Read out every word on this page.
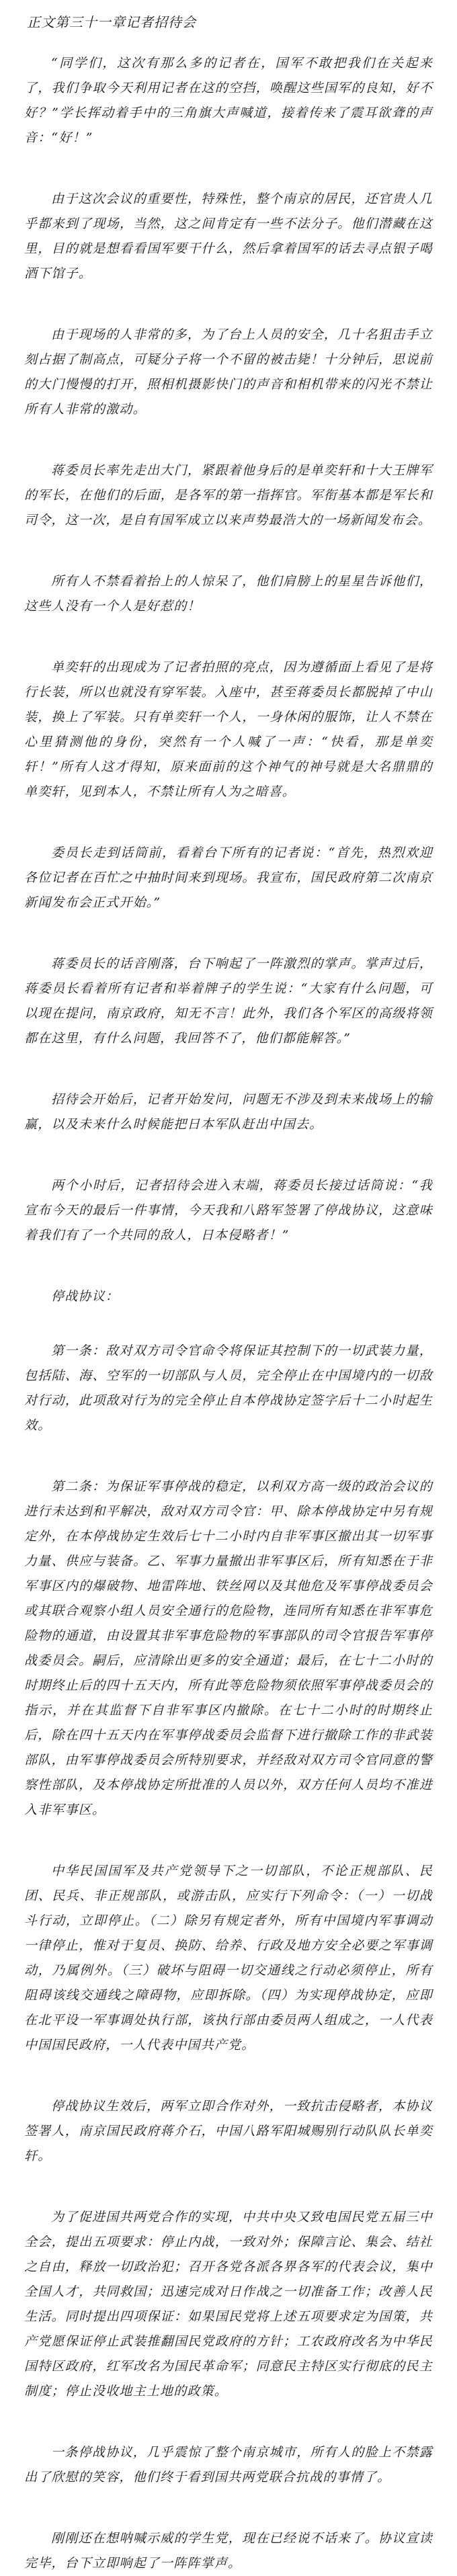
正文第三十一章记者招待会

“同学们，这次有那么多的记者在，国军不敢把我们在关起来了，我们争取今天利用记者在这的空挡，唤醒这些国军的良知，好不好？”学长挥动着手中的三角旗大声喊道，接着传来了震耳欲聋的声音：“好！”

由于这次会议的重要性，特殊性，整个南京的居民，还官贵人几乎都来到了现场，当然，这之间肯定有一些不法分子。他们潜藏在这里，目的就是想看看国军要干什么，然后拿着国军的话去寻点银子喝酒下馆子。

由于现场的人非常的多，为了台上人员的安全，几十名狙击手立刻占据了制高点，可疑分子将一个不留的被击毙！十分钟后，思说前的大门慢慢的打开，照相机摄影快门的声音和相机带来的闪光不禁让所有人非常的激动。

蒋委员长率先走出大门，紧跟着他身后的是单奕轩和十大王牌军的军长，在他们的后面，是各军的第一指挥官。军衔基本都是军长和司令，这一次，是自有国军成立以来声势最浩大的一场新闻发布会。

所有人不禁看着抬上的人惊呆了，他们肩膀上的星星告诉他们，这些人没有一个人是好惹的！

单奕轩的出现成为了记者拍照的亮点，因为遵循面上看见了是将行长装，所以也就没有穿军装。入座中，甚至蒋委员长都脱掉了中山装，换上了军装。只有单奕轩一个人，一身休闲的服饰，让人不禁在心里猜测他的身份，突然有一个人喊了一声：“快看，那是单奕轩！”所有人这才得知，原来面前的这个神气的神号就是大名鼎鼎的单奕轩，见到本人，不禁让所有人为之暗喜。

委员长走到话筒前，看着台下所有的记者说：“首先，热烈欢迎各位记者在百忙之中抽时间来到现场。我宣布，国民政府第二次南京新闻发布会正式开始。”

蒋委员长的话音刚落，台下响起了一阵激烈的掌声。掌声过后，蒋委员长看着所有记者和举着牌子的学生说：“大家有什么问题，可以现在提问，南京政府，知无不言！此外，我们各个军区的高级将领都在这里，有什么问题，我回答不了，他们都能解答。”

招待会开始后，记者开始发问，问题无不涉及到未来战场上的输赢，以及未来什么时候能把日本军队赶出中国去。

两个小时后，记者招待会进入末端，蒋委员长接过话筒说：“我宣布今天的最后一件事情，今天我和八路军签署了停战协议，这意味着我们有了一个共同的敌人，日本侵略者！”

停战协议：

第一条：敌对双方司令官命令将保证其控制下的一切武装力量，包括陆、海、空军的一切部队与人员，完全停止在中国境内的一切敌对行动，此项敌对行为的完全停止自本停战协定签字后十二小时起生效。

第二条：为保证军事停战的稳定，以利双方高一级的政治会议的进行未达到和平解决，敌对双方司令官：甲、除本停战协定中另有规定外，在本停战协定生效后七十二小时内自非军事区撤出其一切军事力量、供应与装备。乙、军事力量撤出非军事区后，所有知悉在于非军事区内的爆破物、地雷阵地、铁丝网以及其他危及军事停战委员会或其联合观察小组人员安全通行的危险物，连同所有知悉在非军事危险物的通道，由设置其非军事危险物的军事部队的司令官报告军事停战委员会。嗣后，应清除出更多的安全通道；最后，在七十二小时的时期终止后的四十五天内，所有此等危险物须依照军事停战委员会的指示，并在其监督下自非军事区内撤除。在七十二小时的时期终止后，除在四十五天内在军事停战委员会监督下进行撤除工作的非武装部队，由军事停战委员会所特别要求，并经敌对双方司令官同意的警察性部队，及本停战协定所批准的人员以外，双方任何人员均不准进入非军事区。

中华民国国军及共产党领导下之一切部队，不论正规部队、民团、民兵、非正规部队，或游击队，应实行下列命令：（一）一切战斗行动，立即停止。（二）除另有规定者外，所有中国境内军事调动一律停止，惟对于复员、换防、给养、行政及地方安全必要之军事调动，乃属例外。（三）破坏与阻碍一切交通线之行动必须停止，所有阻碍该线交通线之障碍物，应即拆除。（四）为实现停战协定，应即在北平设一军事调处执行部，该执行部由委员两人组成之，一人代表中国国民政府，一人代表中国共产党。

停战协议生效后，两军立即合作对外，一致抗击侵略者，本协议签署人，南京国民政府蒋介石，中国八路军阳城赐别行动队队长单奕轩。

为了促进国共两党合作的实现，中共中央又致电国民党五届三中全会，提出五项要求：停止内战，一致对外；保障言论、集会、结社之自由，释放一切政治犯；召开各党各派各界各军的代表会议，集中全国人才，共同救国；迅速完成对日作战之一切准备工作；改善人民生活。同时提出四项保证：如果国民党将上述五项要求定为国策，共产党愿保证停止武装推翻国民党政府的方针；工农政府改名为中华民国特区政府，红军改名为国民革命军；同意民主特区实行彻底的民主制度；停止没收地主土地的政策。

一条停战协议，几乎震惊了整个南京城市，所有人的脸上不禁露出了欣慰的笑容，他们终于看到国共两党联合抗战的事情了。

刚刚还在想呐喊示威的学生党，现在已经说不话来了。协议宣读完毕，台下立即响起了一阵阵掌声。
